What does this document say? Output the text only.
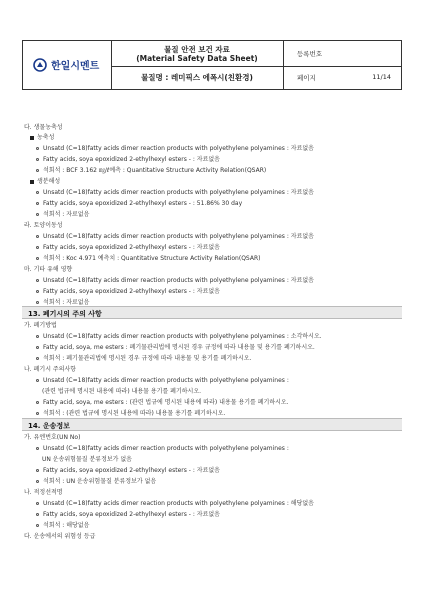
한일시멘트
물질 안전 보건 자료
(Material Safety Data Sheet)
물질명 : 레미픽스 에폭시(친환경)
등록번호
페이지	11/14
13. 폐기시의 주의 사항
14. 운송정보
다. 생물농축성
농축성
Unsatd (C=18)fatty acids dimer reaction products with polyethylene polyamines : 자료없음
Fatty acids, soya epoxidized 2-ethylhexyl esters - : 자료없음
석회석 : BCF 3.162 ㎎/ℓ예측 : Quantitative Structure Activity Relation(QSAR)
생분해성
Unsatd (C=18)fatty acids dimer reaction products with polyethylene polyamines : 자료없음
Fatty acids, soya epoxidized 2-ethylhexyl esters - : 51.86% 30 day
석회석 : 자료없음
라. 토양이동성
Unsatd (C=18)fatty acids dimer reaction products with polyethylene polyamines : 자료없음
Fatty acids, soya epoxidized 2-ethylhexyl esters - : 자료없음
석회석 : Koc 4.971 예측치 : Quantitative Structure Activity Relation(QSAR)
마. 기타 유해 영향
Unsatd (C=18)fatty acids dimer reaction products with polyethylene polyamines : 자료없음
Fatty acids, soya epoxidized 2-ethylhexyl esters - : 자료없음
석회석 : 자료없음
가. 폐기방법
Unsatd (C=18)fatty acids dimer reaction products with polyethylene polyamines : 소각하시오.
Fatty acid, soya, me esters : 폐기물관리법에 명시된 경우 규정에 따라 내용물 및 용기를 폐기하시오.
석회석 : 폐기물관리법에 명시된 경우 규정에 따라 내용물 및 용기를 폐기하시오.
나. 폐기시 주의사항
Unsatd (C=18)fatty acids dimer reaction products with polyethylene polyamines :
(관련 법규에 명시된 내용에 따라) 내용물 용기를 폐기하시오.
Fatty acid, soya, me esters : (관련 법규에 명시된 내용에 따라) 내용물 용기를 폐기하시오.
석회석 : (관련 법규에 명시된 내용에 따라) 내용물 용기를 폐기하시오.
가. 유엔번호(UN No)
Unsatd (C=18)fatty acids dimer reaction products with polyethylene polyamines :
UN 운송위험물질 분류정보가 없음
Fatty acids, soya epoxidized 2-ethylhexyl esters - : 자료없음
석회석 : UN 운송위험물질 분류정보가 없음
나. 적정선적명
Unsatd (C=18)fatty acids dimer reaction products with polyethylene polyamines : 해당없음
Fatty acids, soya epoxidized 2-ethylhexyl esters - : 자료없음
석회석 : 해당없음
다. 운송에서의 위험성 등급
